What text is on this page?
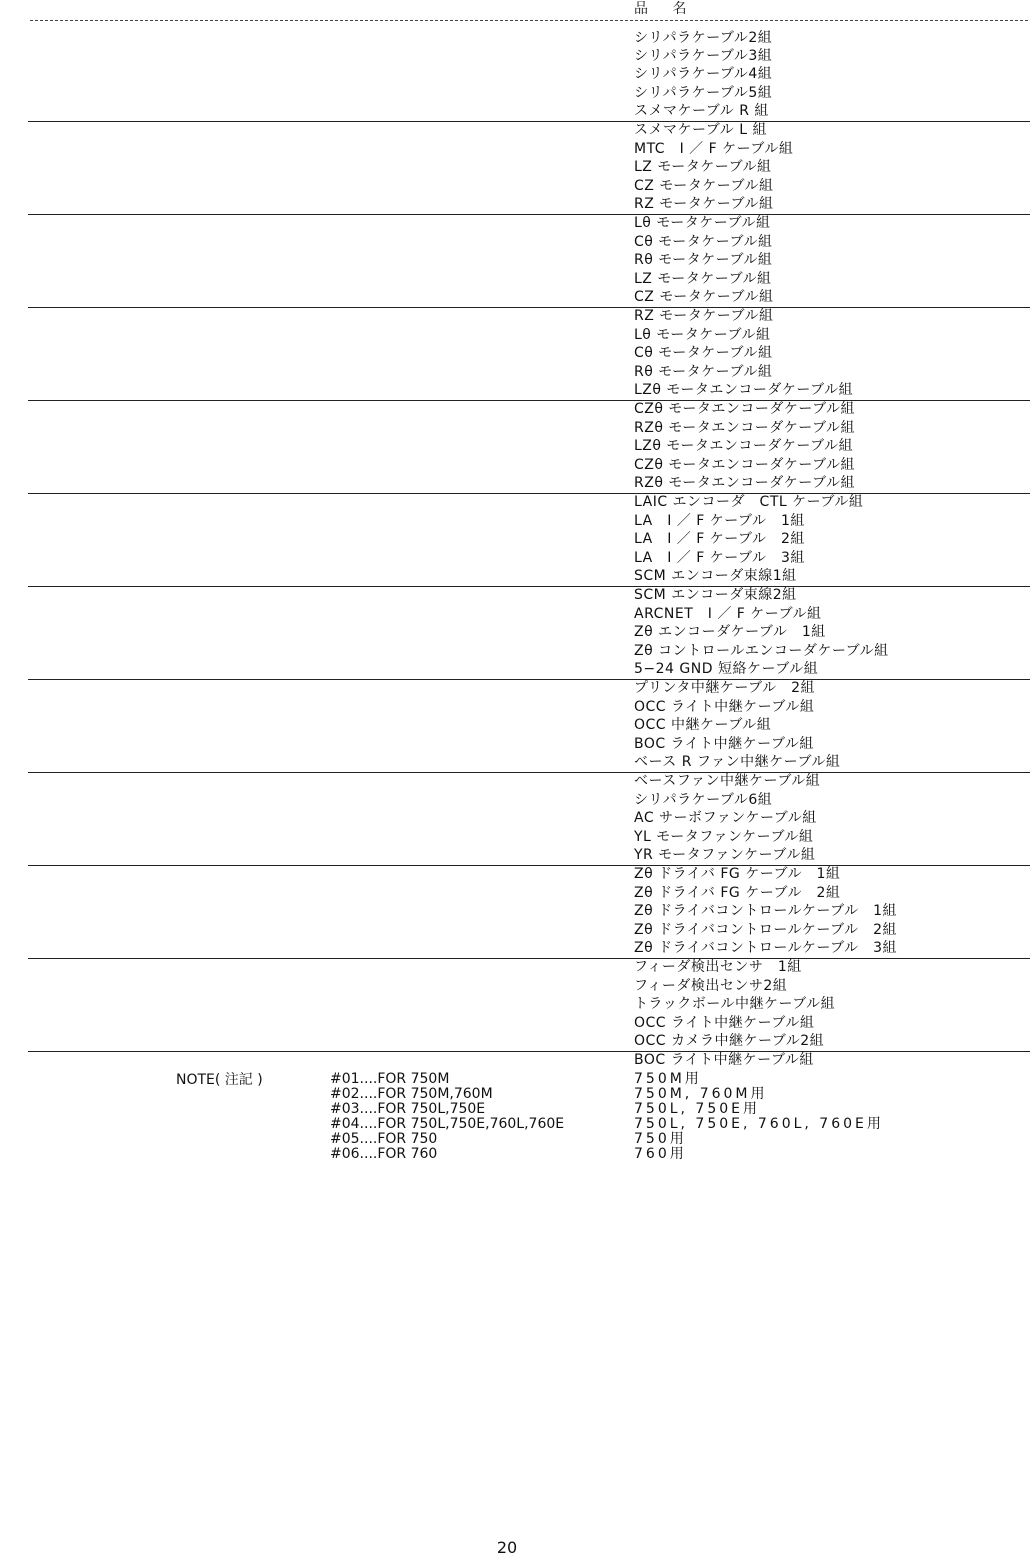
品 名
シリパラケーブル2組
シリパラケーブル3組
シリパラケーブル4組
シリパラケーブル5組
スメマケーブル R 組
スメマケーブル L 組
MTC　I ／ F ケーブル組
LZ モータケーブル組
CZ モータケーブル組
RZ モータケーブル組
Lθ モータケーブル組
Cθ モータケーブル組
Rθ モータケーブル組
LZ モータケーブル組
CZ モータケーブル組
RZ モータケーブル組
Lθ モータケーブル組
Cθ モータケーブル組
Rθ モータケーブル組
LZθ モータエンコーダケーブル組
CZθ モータエンコーダケーブル組
RZθ モータエンコーダケーブル組
LZθ モータエンコーダケーブル組
CZθ モータエンコーダケーブル組
RZθ モータエンコーダケーブル組
LAIC エンコーダ　CTL ケーブル組
LA　I ／ F ケーブル　1組
LA　I ／ F ケーブル　2組
LA　I ／ F ケーブル　3組
SCM エンコーダ束線1組
SCM エンコーダ束線2組
ARCNET　I ／ F ケーブル組
Zθ エンコーダケーブル　1組
Zθ コントロールエンコーダケーブル組
5−24 GND 短絡ケーブル組
プリンタ中継ケーブル　2組
OCC ライト中継ケーブル組
OCC 中継ケーブル組
BOC ライト中継ケーブル組
ベース R ファン中継ケーブル組
ベースファン中継ケーブル組
シリパラケーブル6組
AC サーボファンケーブル組
YL モータファンケーブル組
YR モータファンケーブル組
Zθ ドライバ FG ケーブル　1組
Zθ ドライバ FG ケーブル　2組
Zθ ドライバコントロールケーブル　1組
Zθ ドライバコントロールケーブル　2組
Zθ ドライバコントロールケーブル　3組
フィーダ検出センサ　1組
フィーダ検出センサ2組
トラックボール中継ケーブル組
OCC ライト中継ケーブル組
OCC カメラ中継ケーブル2組
BOC ライト中継ケーブル組
NOTE( 注記 )	#01....FOR 750M	750M用
#02....FOR 750M,760M	750M, 760M用
#03....FOR 750L,750E	750L, 750E用
#04....FOR 750L,750E,760L,760E	750L, 750E, 760L, 760E用
#05....FOR 750	750用
#06....FOR 760	760用
20
